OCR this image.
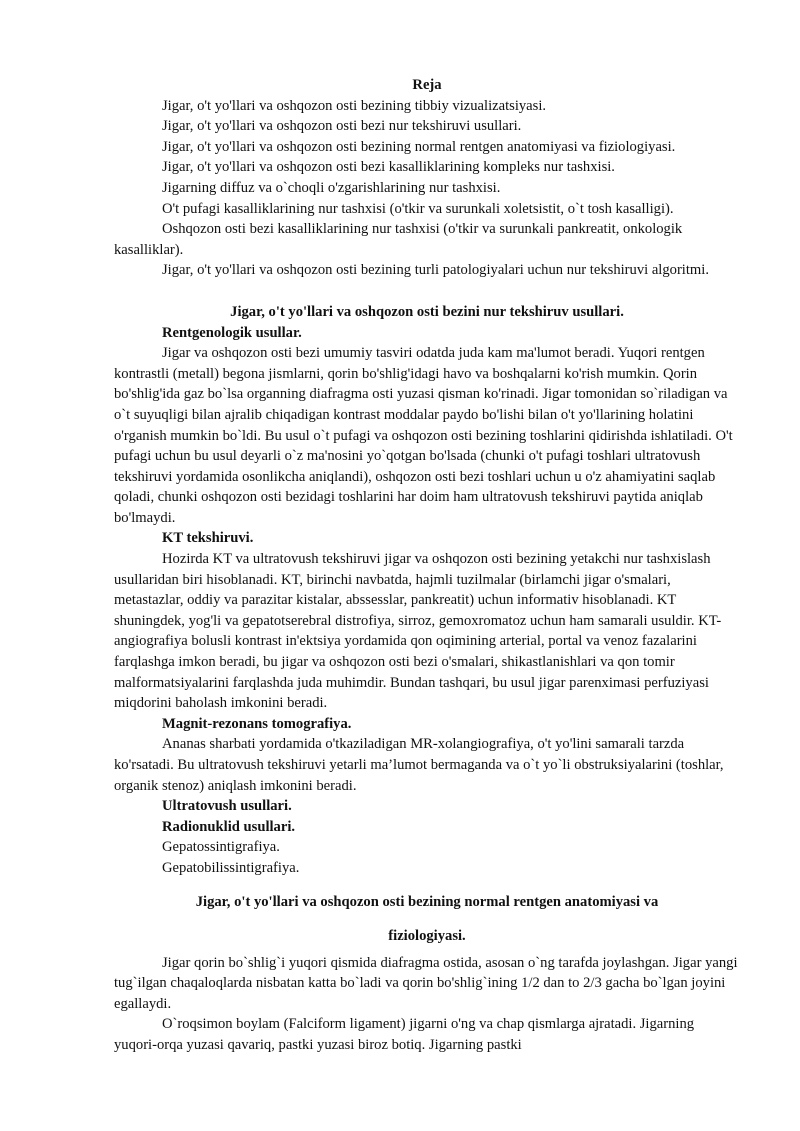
Reja

Jigar, o't yo'llari va oshqozon osti bezining tibbiy vizualizatsiyasi.

Jigar, o't yo'llari va oshqozon osti bezi nur tekshiruvi usullari.

Jigar, o't yo'llari va oshqozon osti bezining normal rentgen anatomiyasi va fiziologiyasi.

Jigar, o't yo'llari va oshqozon osti bezi kasalliklarining kompleks nur tashxisi.

Jigarning diffuz va o`choqli o'zgarishlarining nur tashxisi.

O't pufagi kasalliklarining nur tashxisi (o'tkir va surunkali xoletsistit, o`t tosh kasalligi).

Oshqozon osti bezi kasalliklarining nur tashxisi (o'tkir va surunkali pankreatit, onkologik kasalliklar).

Jigar, o't yo'llari va oshqozon osti bezining turli patologiyalari uchun nur tekshiruvi algoritmi.

Jigar, o't yo'llari va oshqozon osti bezini nur tekshiruv usullari.

Rentgenologik usullar.

Jigar va oshqozon osti bezi umumiy tasviri odatda juda kam ma'lumot beradi. Yuqori rentgen kontrastli (metall) begona jismlarni, qorin bo'shlig'idagi havo va boshqalarni ko'rish mumkin. Qorin bo'shlig'ida gaz bo`lsa organning diafragma osti yuzasi qisman ko'rinadi. Jigar tomonidan so`riladigan va o`t suyuqligi bilan ajralib chiqadigan kontrast moddalar paydo bo'lishi bilan o't yo'llarining holatini o'rganish mumkin bo`ldi. Bu usul o`t pufagi va oshqozon osti bezining toshlarini qidirishda ishlatiladi. O't pufagi uchun bu usul deyarli o`z ma'nosini yo`qotgan bo'lsada (chunki o't pufagi toshlari ultratovush tekshiruvi yordamida osonlikcha aniqlandi), oshqozon osti bezi toshlari uchun u o'z ahamiyatini saqlab qoladi, chunki oshqozon osti bezidagi toshlarini har doim ham ultratovush tekshiruvi paytida aniqlab bo'lmaydi.

KT tekshiruvi.

Hozirda KT va ultratovush tekshiruvi jigar va oshqozon osti bezining yetakchi nur tashxislash usullaridan biri hisoblanadi. KT, birinchi navbatda, hajmli tuzilmalar (birlamchi jigar o'smalari, metastazlar, oddiy va parazitar kistalar, abssesslar, pankreatit) uchun informativ hisoblanadi. KT shuningdek, yog'li va gepatotserebral distrofiya, sirroz, gemoxromatoz uchun ham samarali usuldir. KT-angiografiya bolusli kontrast in'ektsiya yordamida qon oqimining arterial, portal va venoz fazalarini farqlashga imkon beradi, bu jigar va oshqozon osti bezi o'smalari, shikastlanishlari va qon tomir malformatsiyalarini farqlashda juda muhimdir. Bundan tashqari, bu usul jigar parenximasi perfuziyasi miqdorini baholash imkonini beradi.

Magnit-rezonans tomografiya.

Ananas sharbati yordamida o'tkaziladigan MR-xolangiografiya, o't yo'lini samarali tarzda ko'rsatadi. Bu ultratovush tekshiruvi yetarli ma’lumot bermaganda va o`t yo`li obstruksiyalarini (toshlar, organik stenoz) aniqlash imkonini beradi.

Ultratovush usullari.

Radionuklid usullari.

Gepatossintigrafiya.

Gepatobilissintigrafiya.

Jigar, o't yo'llari va oshqozon osti bezining normal rentgen anatomiyasi va
fiziologiyasi.

Jigar qorin bo`shlig`i yuqori qismida diafragma ostida, asosan o`ng tarafda joylashgan. Jigar yangi tug`ilgan chaqaloqlarda nisbatan katta bo`ladi va qorin bo'shlig`ining 1/2 dan to 2/3 gacha bo`lgan joyini egallaydi.

O`roqsimon boylam (Falciform ligament) jigarni o'ng va chap qismlarga ajratadi. Jigarning yuqori-orqa yuzasi qavariq, pastki yuzasi biroz botiq. Jigarning pastki
